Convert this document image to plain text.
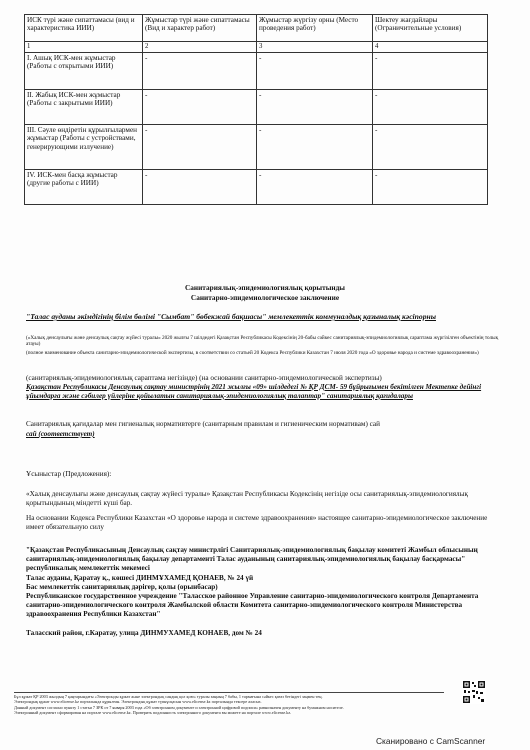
ИСК түрі және сипаттамасы (вид и характеристика ИИИ)	Жұмыстар түрі және сипаттамасы (Вид и характер работ)	Жұмыстар жүргізу орны (Место проведения работ)	Шектеу жағдайлары (Ограничительные условия)
1	2	3	4
I. Ашық ИСК-мен жұмыстар (Работы с открытыми ИИИ)	-	-	-
II. Жабық ИСК-мен жұмыстар (Работы с закрытыми ИИИ)	-	-	-
III. Сәуле өндіретін құрылғылармен жұмыстар (Работы с устройствами, генерирующими излучение)	-	-	-
IV. ИСК-мен басқа жұмыстар (другие работы с ИИИ)	-	-	-
Санитариялық-эпидемиологиялық қорытынды
Санитарно-эпидемиологическое заключение
"Талас ауданы әкімдігінің білім бөлімі "Сымбат" бөбекжай бақшасы" мемлекеттік коммуналдық қазыналық кәсіпорны
(«Халық денсаулығы және денсаулық сақтау жүйесі туралы» 2020 жылғы 7 шілдедегі Қазақстан Республикасы Кодексінің 20-бабы сәйкес санитариялық-эпидемиологиялық сараптама жүргізілген объектінің толық атауы)
(полное наименование объекта санитарно-эпидемиологической экспертизы, в соответствии со статьей 20 Кодекса Республики Казахстан 7 июля 2020 года «О здоровье народа и системе здравоохранения»)
(санитариялық-эпидемиологиялық сараптама негізінде) (на основании санитарно-эпидемиологической экспертизы)
Қазақстан Республикасы Денсаулық сақтау министрінің 2021 жылғы «09» шілдедегі № ҚР ДСМ- 59 бұйрығымен бекітілген Мектепке дейінгі ұйымдарға және сәбилер үйлеріне қойылатын санитариялық-эпидемиологиялық талаптар" санитариялық қағидалары
Санитариялық қағидалар мен гигиеналық нормативтерге (санитарным правилам и гигиеническим нормативам) сай
сай (соответствует)
Ұсыныстар (Предложения):
«Халық денсаулығы және денсаулық сақтау жүйесі туралы» Қазақстан Республикасы Кодексінің негізіде осы санитариялық-эпидемиологиялық қорытындының міндетті күші бар.
На основании Кодекса Республики Казахстан «О здоровье народа и системе здравоохранения» настоящее санитарно-эпидемиологическое заключение имеет обязательную силу
"Қазақстан Республикасының Денсаулық сақтау министрлігі Санитариялық-эпидемиологиялық бақылау комитеті Жамбыл облысының санитариялық-эпидемиологиялық бақылау департаменті Талас ауданының санитариялық-эпидемиологиялық бақылау басқармасы" республикалық мемлекеттік мекемесі
Талас ауданы, Қаратау қ., көшесі ДИНМҰХАМЕД ҚОНАЕВ, № 24 үй
Бас мемлекеттік санитариялық дәрігер, қолы (орынбасар)
Республиканское государственное учреждение "Таласское районное Управление санитарно-эпидемиологического контроля Департамента санитарно-эпидемиологического контроля Жамбылской области Комитета санитарно-эпидемиологического контроля Министерства здравоохранения Республики Казахстан"
Таласский район, г.Каратау, улица ДИНМУХАМЕД КОНАЕВ, дом № 24
Бұл құжат ҚР 2003 жылдың 7 қаңтарындағы «Электронды құжат және электрондық сандық қол қою» туралы заңның 7 бабы, 1 тармағына сәйкес қағаз бетіндегі заңмен тең.
Электрондық құжат www.elicense.kz порталында құрылған. Электрондық құжат түпнұсқасын www.elicense.kz порталында тексере аласыз.
Данный документ согласно пункту 1 статьи 7 ЗРК от 7 января 2003 года «Об электронном документе и электронной цифровой подписи» равнозначен документу на бумажном носителе.
Электронный документ сформирован на портале www.elicense.kz. Проверить подлинность электронного документа вы можете на портале www.elicense.kz.
Сканировано с CamScanner
